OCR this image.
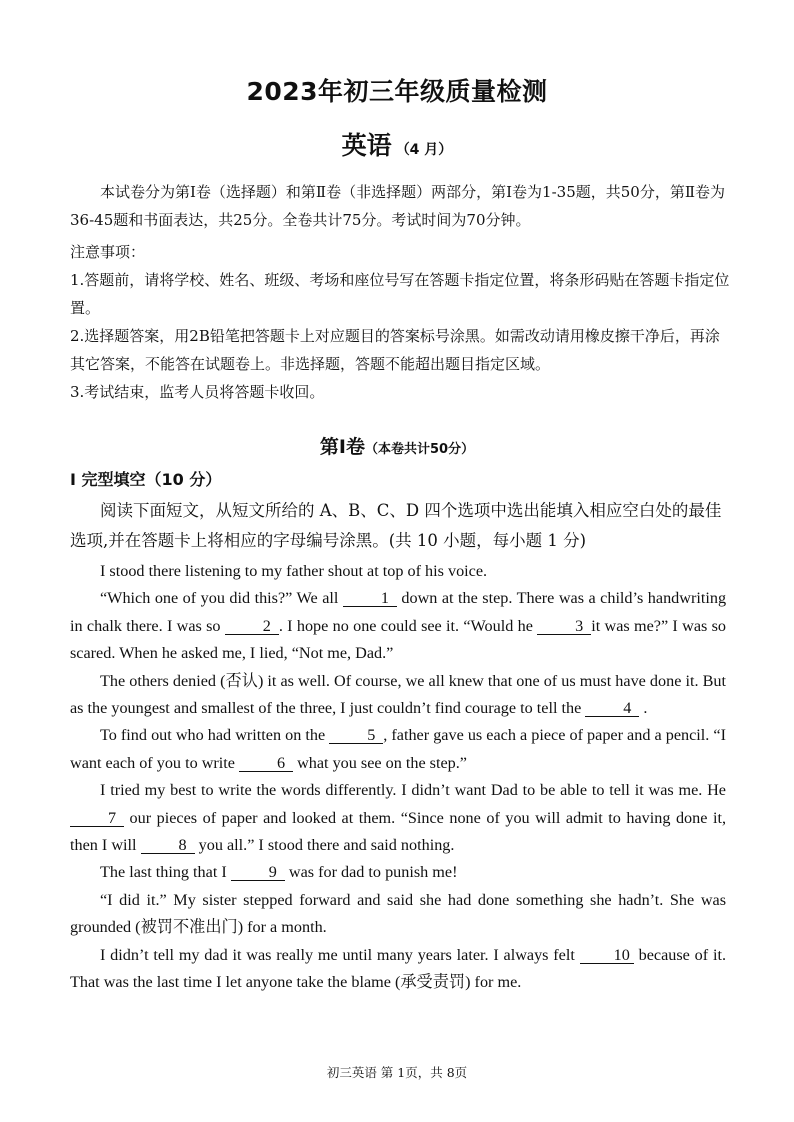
2023年初三年级质量检测
英语 （4 月）

本试卷分为第Ⅰ卷（选择题）和第Ⅱ卷（非选择题）两部分，第Ⅰ卷为1-35题，共50分，第Ⅱ卷为36-45题和书面表达，共25分。全卷共计75分。考试时间为70分钟。

注意事项：

1.答题前，请将学校、姓名、班级、考场和座位号写在答题卡指定位置，将条形码贴在答题卡指定位置。

2.选择题答案，用2B铅笔把答题卡上对应题目的答案标号涂黑。如需改动请用橡皮擦干净后，再涂其它答案，不能答在试题卷上。非选择题，答题不能超出题目指定区域。

3.考试结束，监考人员将答题卡收回。

第Ⅰ卷（本卷共计50分）
I 完型填空（10 分）

阅读下面短文，从短文所给的 A、B、C、D 四个选项中选出能填入相应空白处的最佳选项,并在答题卡上将相应的字母编号涂黑。(共 10 小题，每小题 1 分)

I stood there listening to my father shout at top of his voice.

“Which one of you did this?” We all	1 down at the step. There was a child’s handwriting in chalk there. I was so	2 . I hope no one could see it. “Would he	3 it was me?” I was so scared. When he asked me, I lied, “Not me, Dad.”

The others denied (否认) it as well. Of course, we all knew that one of us must have done it. But as the youngest and smallest of the three, I just couldn’t find courage to tell the	4 .

To find out who had written on the	5 , father gave us each a piece of paper and a pencil. “I want each of you to write	6 what you see on the step.”

I tried my best to write the words differently. I didn’t want Dad to be able to tell it was me. He 7 our pieces of paper and looked at them. “Since none of you will admit to having done it, then I will	8 you all.” I stood there and said nothing.

The last thing that I	9 was for dad to punish me!

“I did it.” My sister stepped forward and said she had done something she hadn’t. She was grounded (被罚不准出门) for a month.

I didn’t tell my dad it was really me until many years later. I always felt 10 because of it. That was the last time I let anyone take the blame (承受责罚) for me.

初三英语 第 1页，共 8页
